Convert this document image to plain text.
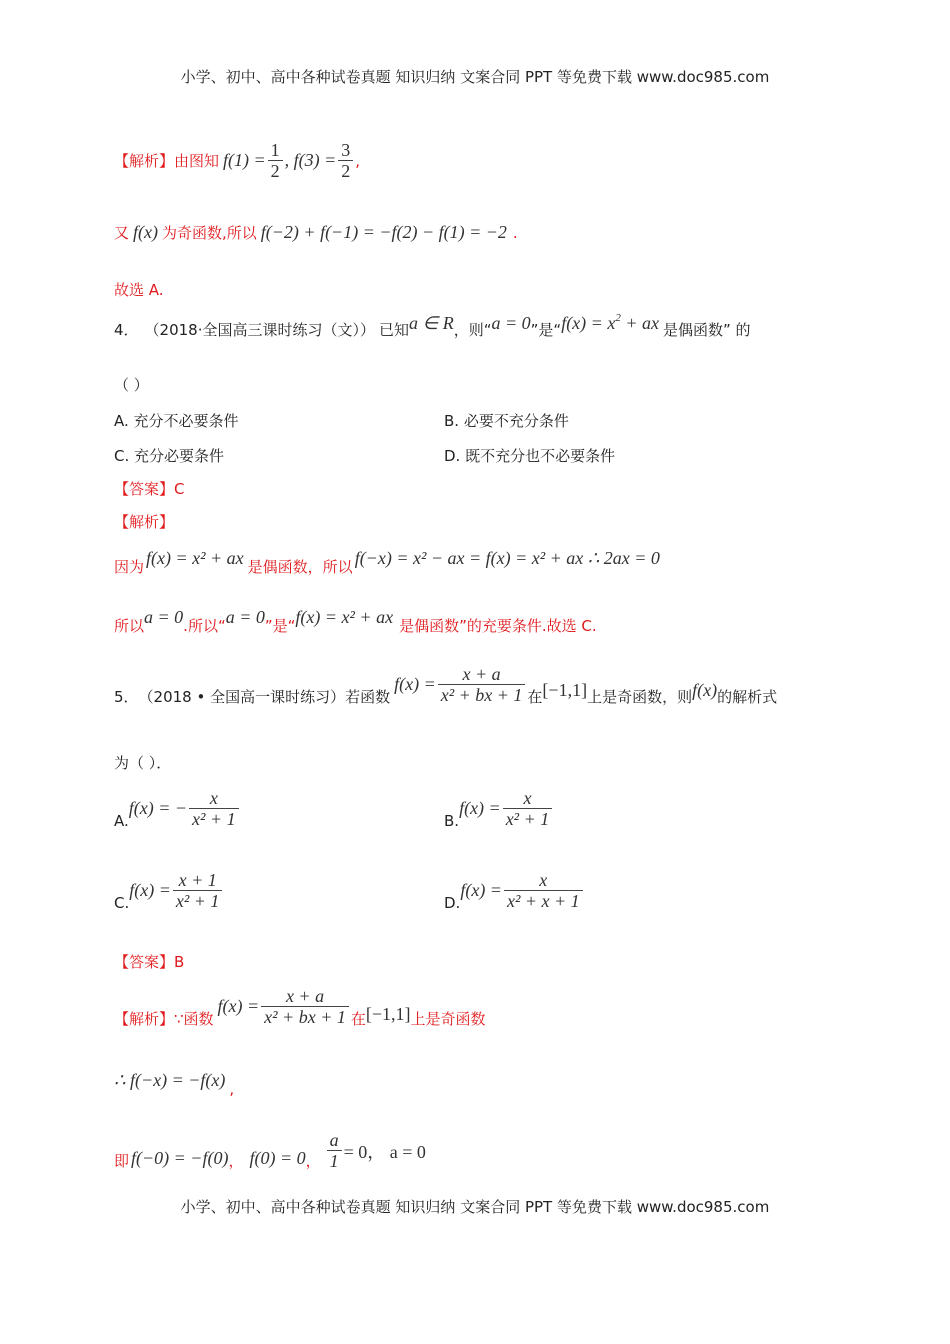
小学、初中、高中各种试卷真题 知识归纳 文案合同 PPT 等免费下载 www.doc985.com
【解析】由图知 $f(1) = \frac{1}{2}$ , $f(3) = \frac{3}{2}$ ,
又 f(x) 为奇函数,所以 f(−2) + f(−1) = −f(2) − f(1) = −2 .
故选 A.
4． （2018·全国高三课时练习（文）） 已知 a ∈ R ，则“ a = 0 ”是“ $f(x) = x^2$ + ax 是偶函数” 的
（ ）
A. 充分不必要条件	B. 必要不充分条件
C. 充分必要条件	D. 既不充分也不必要条件
【答案】C
【解析】
因为 f(x) = x² + ax 是偶函数，所以 f(−x) = x² − ax = f(x) = x² + ax ∴ 2ax = 0
所以 a = 0 .所以“ a = 0 ”是“ f(x) = x² + ax 是偶函数”的充要条件.故选 C.
5． （2018 • 全国高一课时练习）若函数
$f(x) = \frac{x + a}{\text{x² + bx + 1}}$ 在 [−1,1] 上是奇函数，则 f(x) 的解析式
为（ ）．
A.
f(x) = − $\frac{x}{\text{x² + 1}}$	B.
$f(x) = \frac{x}{\text{x² + 1}}$
C.
$f(x) = \frac{x + 1}{\text{x² + 1}}$	D.
$f(x) = \frac{x}{\text{x² + x + 1}}$
【答案】B
【解析】∵函数
$f(x) = \frac{x + a}{\text{x² + bx + 1}}$ 在 [−1,1] 上是奇函数
∴ f(−x) = −f(x) ,
即 f(−0) = −f(0) ， f(0) = 0 ， $\frac{a}{1} = 0$， a = 0
小学、初中、高中各种试卷真题 知识归纳 文案合同 PPT 等免费下载 www.doc985.com
